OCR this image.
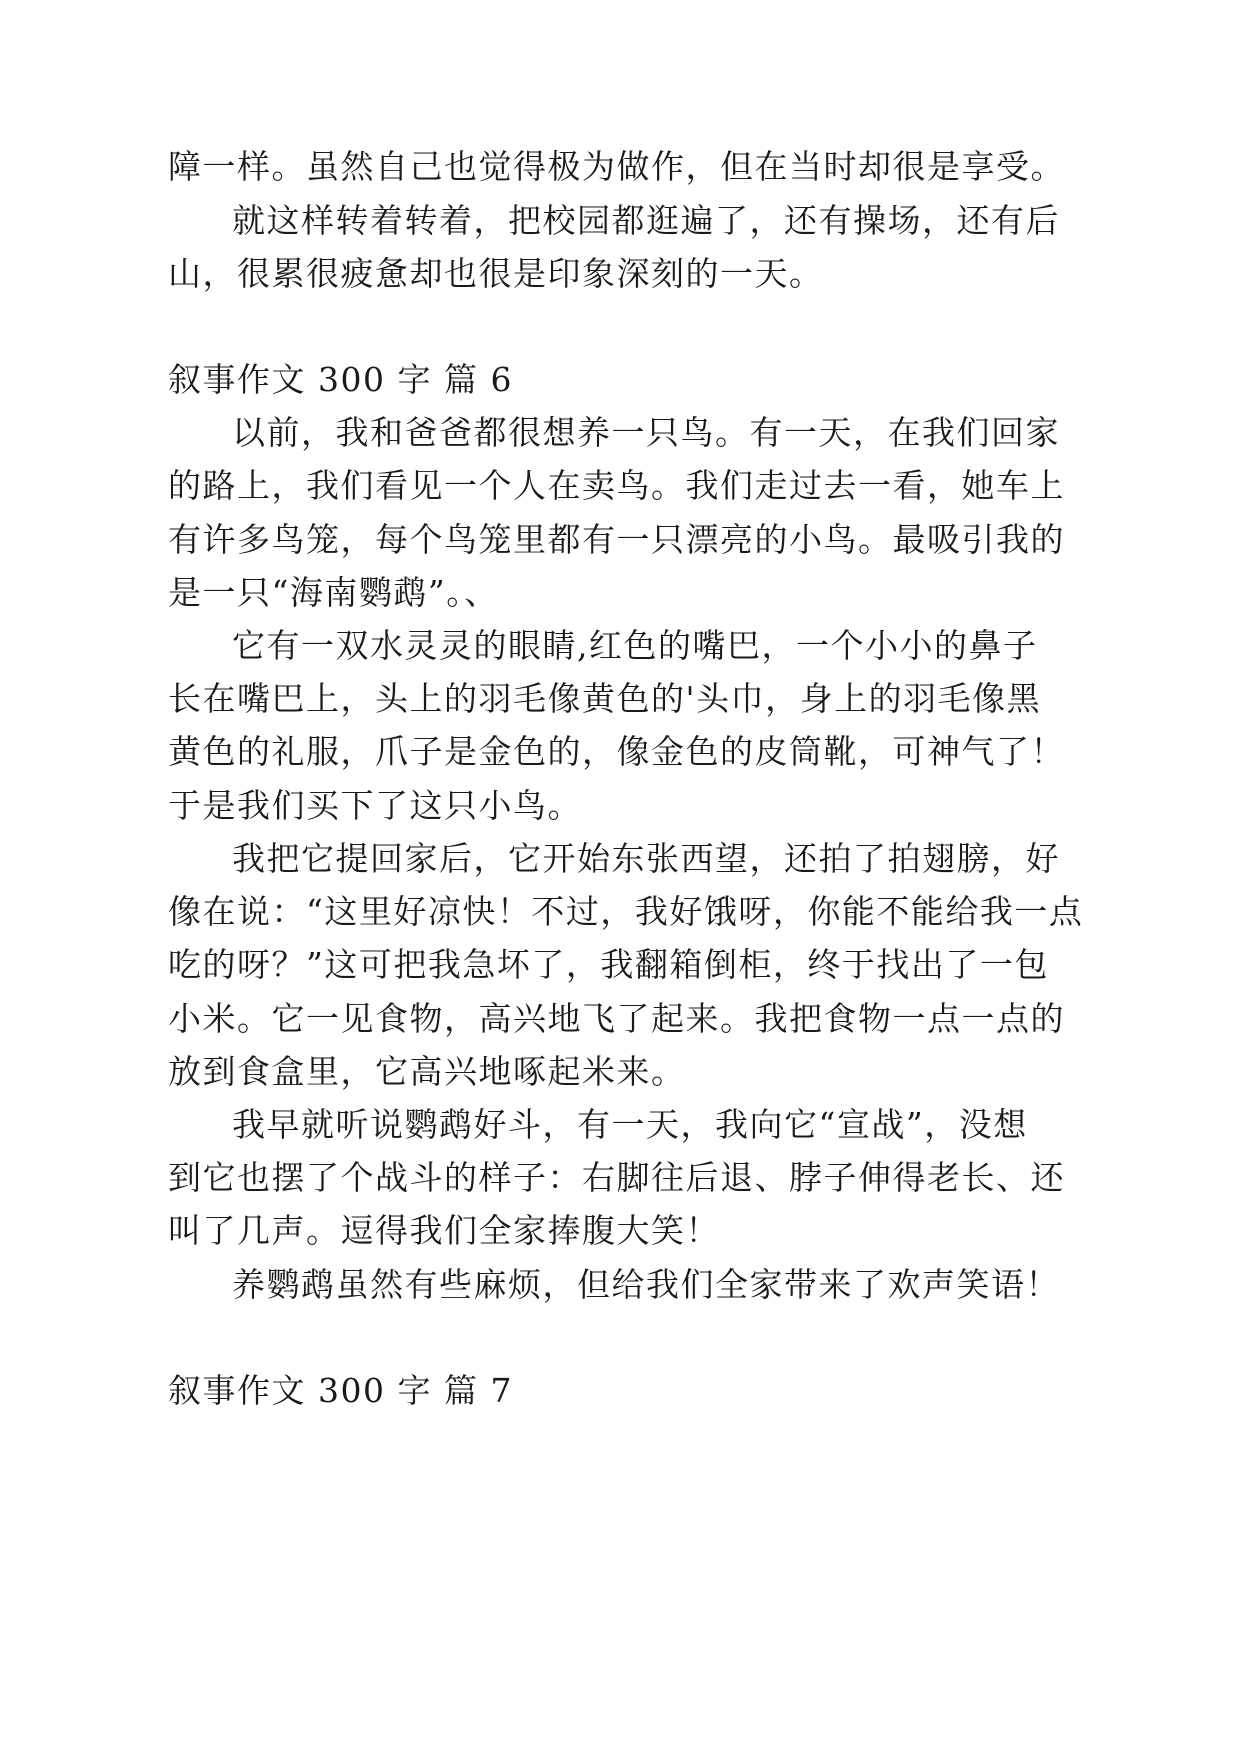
障一样。虽然自己也觉得极为做作，但在当时却很是享受。
就这样转着转着，把校园都逛遍了，还有操场，还有后
山，很累很疲惫却也很是印象深刻的一天。
叙事作文 300 字 篇 6
以前，我和爸爸都很想养一只鸟。有一天，在我们回家
的路上，我们看见一个人在卖鸟。我们走过去一看，她车上
有许多鸟笼，每个鸟笼里都有一只漂亮的小鸟。最吸引我的
是一只“海南鹦鹉”。、
它有一双水灵灵的眼睛,红色的嘴巴，一个小小的鼻子
长在嘴巴上，头上的羽毛像黄色的'头巾，身上的羽毛像黑
黄色的礼服，爪子是金色的，像金色的皮筒靴，可神气了！
于是我们买下了这只小鸟。
我把它提回家后，它开始东张西望，还拍了拍翅膀，好
像在说：“这里好凉快！不过，我好饿呀，你能不能给我一点
吃的呀？”这可把我急坏了，我翻箱倒柜，终于找出了一包
小米。它一见食物，高兴地飞了起来。我把食物一点一点的
放到食盒里，它高兴地啄起米来。
我早就听说鹦鹉好斗，有一天，我向它“宣战”，没想
到它也摆了个战斗的样子：右脚往后退、脖子伸得老长、还
叫了几声。逗得我们全家捧腹大笑！
养鹦鹉虽然有些麻烦，但给我们全家带来了欢声笑语！
叙事作文 300 字 篇 7
